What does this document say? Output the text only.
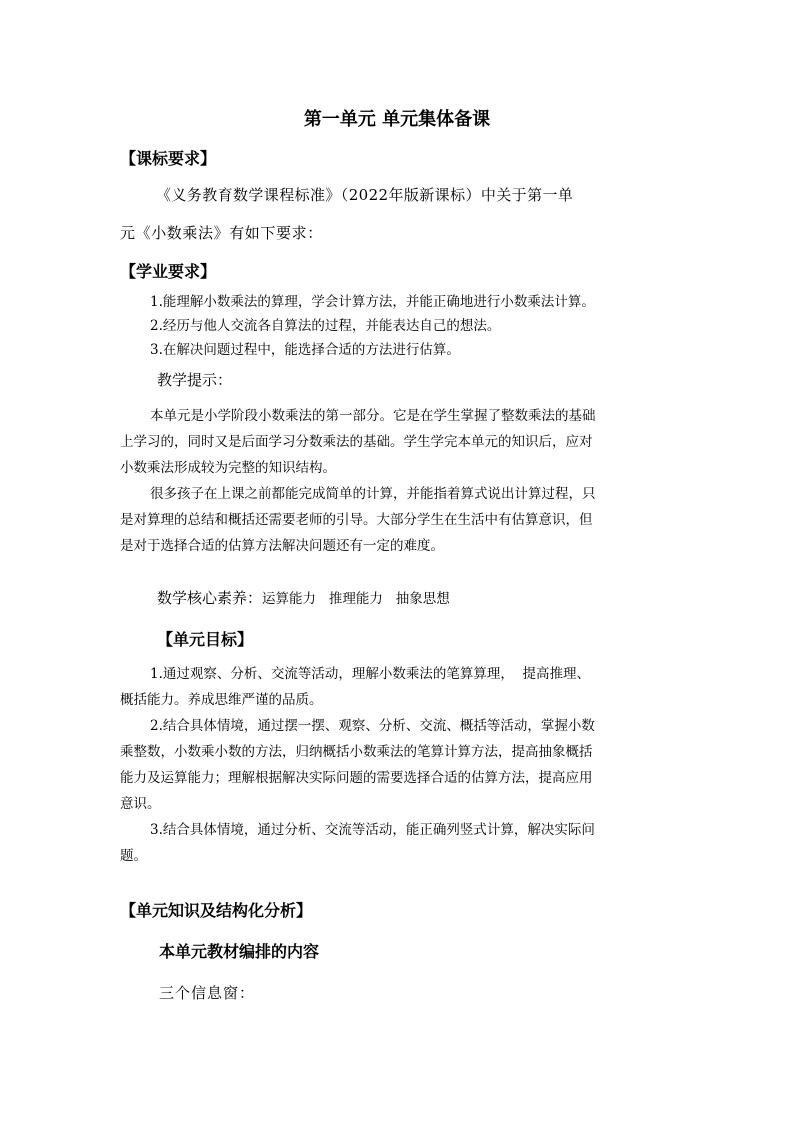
第一单元 单元集体备课
【课标要求】
《义务教育数学课程标准》（2022年版新课标）中关于第一单
元《小数乘法》有如下要求：
【学业要求】
1.能理解小数乘法的算理，学会计算方法，并能正确地进行小数乘法计算。
2.经历与他人交流各自算法的过程，并能表达自己的想法。
3.在解决问题过程中，能选择合适的方法进行估算。
教学提示：
本单元是小学阶段小数乘法的第一部分。它是在学生掌握了整数乘法的基础
上学习的，同时又是后面学习分数乘法的基础。学生学完本单元的知识后，应对
小数乘法形成较为完整的知识结构。
很多孩子在上课之前都能完成简单的计算，并能指着算式说出计算过程，只
是对算理的总结和概括还需要老师的引导。大部分学生在生活中有估算意识，但
是对于选择合适的估算方法解决问题还有一定的难度。
数学核心素养：运算能力   推理能力   抽象思想
【单元目标】
1.通过观察、分析、交流等活动，理解小数乘法的笔算算理，  提高推理、
概括能力。养成思维严谨的品质。
2.结合具体情境，通过摆一摆、观察、分析、交流、概括等活动，掌握小数
乘整数，小数乘小数的方法，归纳概括小数乘法的笔算计算方法，提高抽象概括
能力及运算能力；理解根据解决实际问题的需要选择合适的估算方法，提高应用
意识。
3.结合具体情境，通过分析、交流等活动，能正确列竖式计算，解决实际问
题。
【单元知识及结构化分析】
本单元教材编排的内容
三个信息窗：
